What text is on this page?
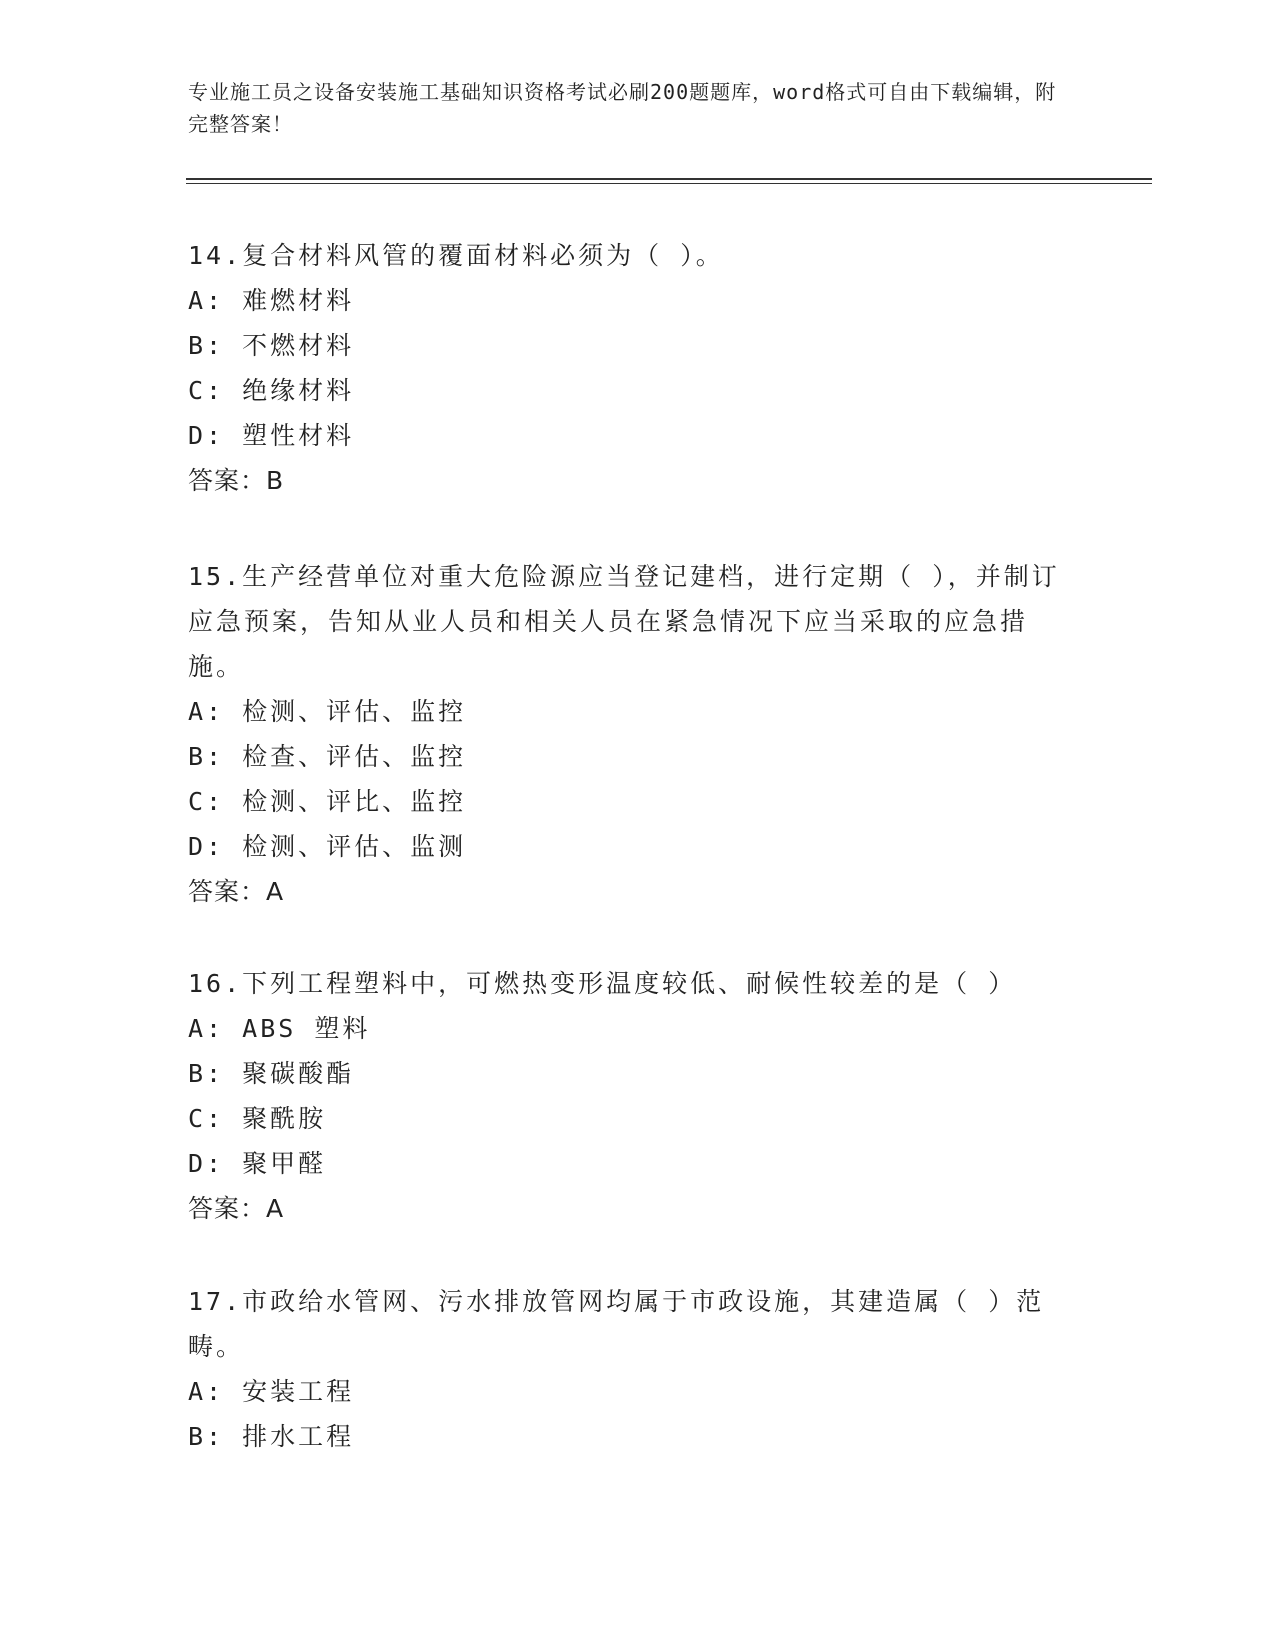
专业施工员之设备安装施工基础知识资格考试必刷200题题库，word格式可自由下载编辑，附完整答案！
14.复合材料风管的覆面材料必须为（ ）。
A: 难燃材料
B: 不燃材料
C: 绝缘材料
D: 塑性材料
答案：B
15.生产经营单位对重大危险源应当登记建档，进行定期（ ），并制订应急预案，告知从业人员和相关人员在紧急情况下应当采取的应急措施。
A: 检测、评估、监控
B: 检查、评估、监控
C: 检测、评比、监控
D: 检测、评估、监测
答案：A
16.下列工程塑料中，可燃热变形温度较低、耐候性较差的是（ ）
A: ABS 塑料
B: 聚碳酸酯
C: 聚酰胺
D: 聚甲醛
答案：A
17.市政给水管网、污水排放管网均属于市政设施，其建造属（ ）范畴。
A: 安装工程
B: 排水工程
